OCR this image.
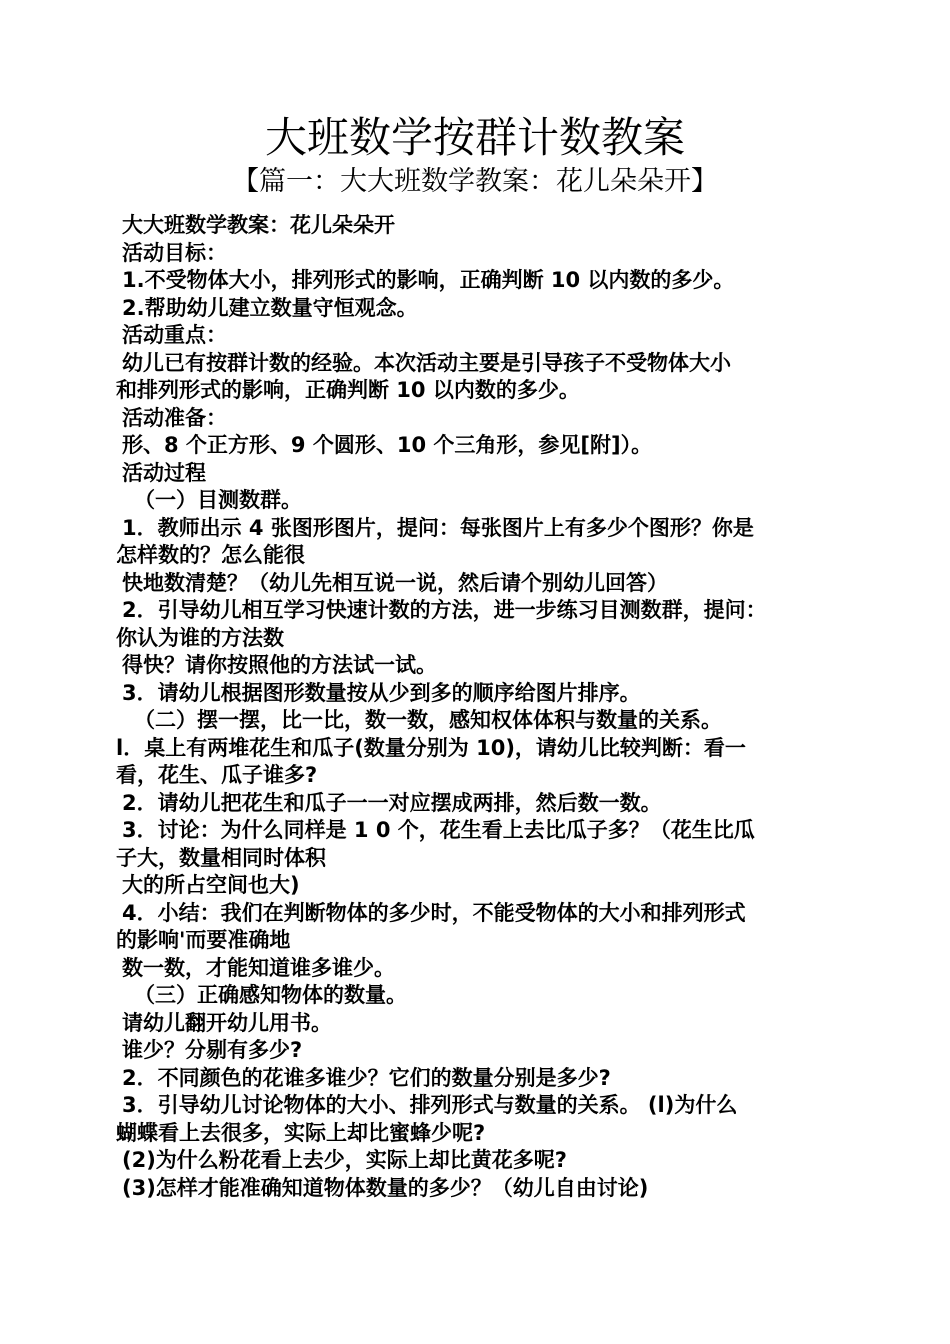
大班数学按群计数教案
【篇一：大大班数学教案：花儿朵朵开】
大大班数学教案：花儿朵朵开
活动目标：
1.不受物体大小，排列形式的影响，正确判断 10 以内数的多少。
2.帮助幼儿建立数量守恒观念。
活动重点：
幼儿已有按群计数的经验。本次活动主要是引导孩子不受物体大小
和排列形式的影响，正确判断 10 以内数的多少。
活动准备：
形、8 个正方形、9 个圆形、10 个三角形，参见[附]）。
活动过程
（一）目测数群。
1．教师出示 4 张图形图片，提问：每张图片上有多少个图形？你是
怎样数的？怎么能很
快地数清楚？（幼儿先相互说一说，然后请个别幼儿回答）
2．引导幼儿相互学习快速计数的方法，进一步练习目测数群，提问：
你认为谁的方法数
得快？请你按照他的方法试一试。
3．请幼儿根据图形数量按从少到多的顺序给图片排序。
（二）摆一摆，比一比，数一数，感知权体体积与数量的关系。
l．桌上有两堆花生和瓜子(数量分别为 10)，请幼儿比较判断：看一
看，花生、瓜子谁多?
2．请幼儿把花生和瓜子一一对应摆成两排，然后数一数。
3．讨论：为什么同样是 1 0 个，花生看上去比瓜子多？（花生比瓜
子大，数量相同时体积
大的所占空间也大)
4．小结：我们在判断物体的多少时，不能受物体的大小和排列形式
的影响'而要准确地
数一数，才能知道谁多谁少。
（三）正确感知物体的数量。
请幼儿翻开幼儿用书。
谁少？分剔有多少?
2．不同颜色的花谁多谁少？它们的数量分别是多少?
3．引导幼儿讨论物体的大小、排列形式与数量的关系。 (l)为什么
蝴蝶看上去很多，实际上却比蜜蜂少呢?
(2)为什么粉花看上去少，实际上却比黄花多呢?
(3)怎样才能准确知道物体数量的多少？（幼儿自由讨论)
